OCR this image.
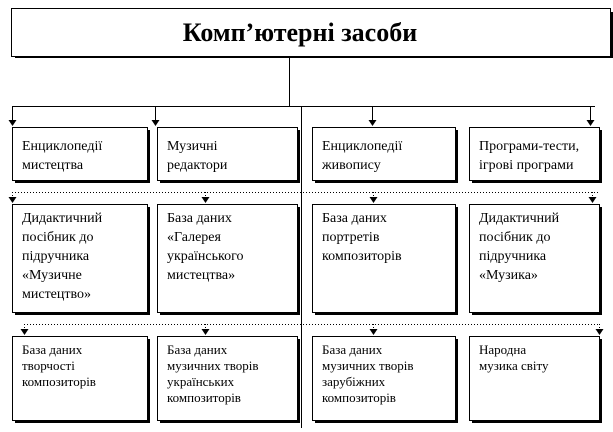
Комп’ютерні засоби
Енциклопедії мистецтва
Музичні редактори
Енциклопедії живопису
Програми-тести, ігрові програми
Дидактичний посібник до підручника «Музичне мистецтво»
База даних «Галерея українського мистецтва»
База даних портретів композиторів
Дидактичний посібник до підручника «Музика»
База даних творчості композиторів
База даних музичних творів українських композиторів
База даних музичних творів зарубіжних композиторів
Народна музика світу
